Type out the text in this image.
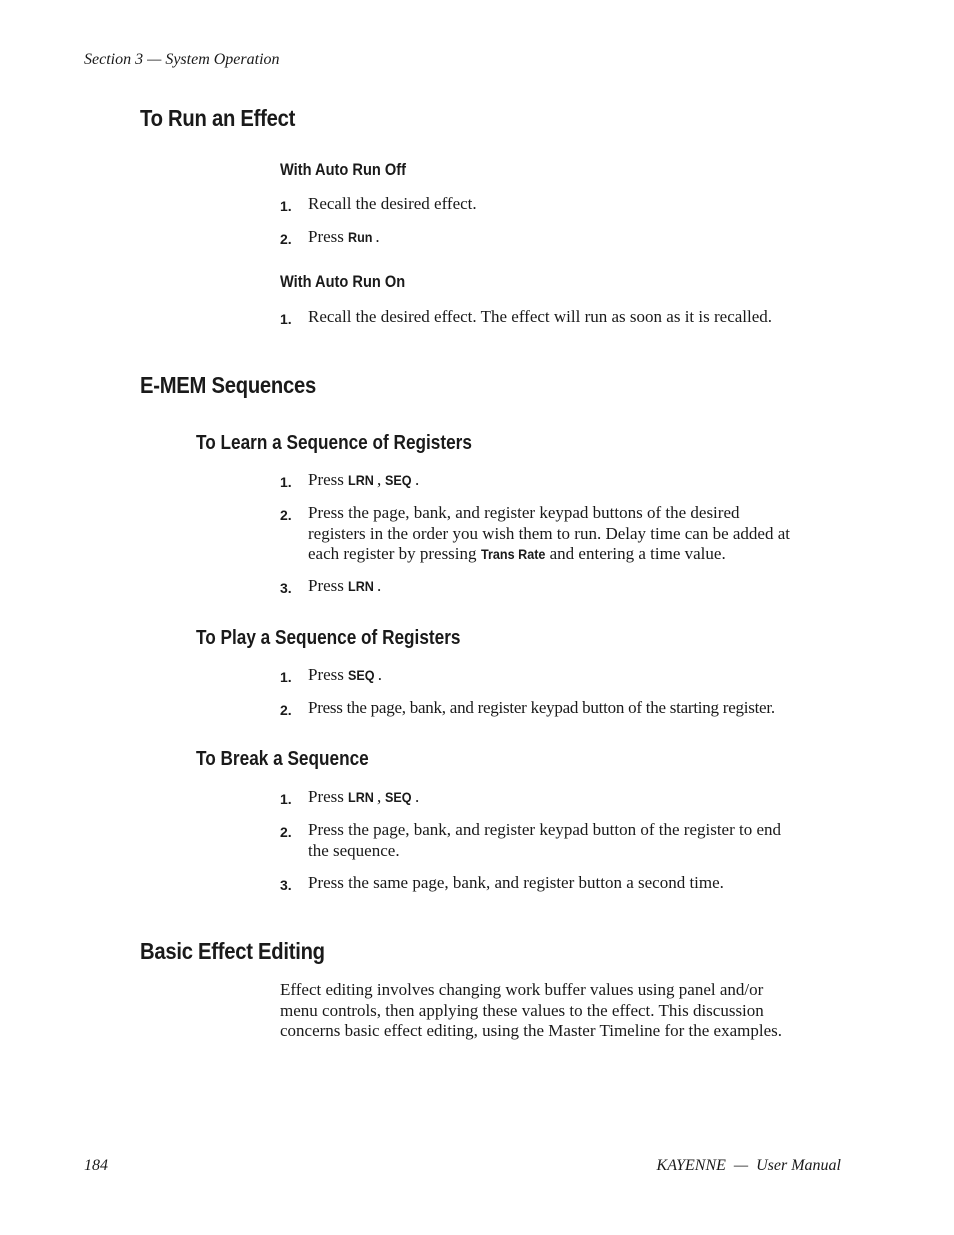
Section 3 — System Operation
To Run an Effect
With Auto Run Off
1. Recall the desired effect.
2. Press Run .
With Auto Run On
1. Recall the desired effect. The effect will run as soon as it is recalled.
E-MEM Sequences
To Learn a Sequence of Registers
1. Press LRN , SEQ .
2. Press the page, bank, and register keypad buttons of the desired
registers in the order you wish them to run. Delay time can be added at
each register by pressing Trans Rate and entering a time value.
3. Press LRN .
To Play a Sequence of Registers
1. Press SEQ .
2. Press the page, bank, and register keypad button of the starting register.
To Break a Sequence
1. Press LRN , SEQ .
2. Press the page, bank, and register keypad button of the register to end
the sequence.
3. Press the same page, bank, and register button a second time.
Basic Effect Editing
Effect editing involves changing work buffer values using panel and/or
menu controls, then applying these values to the effect. This discussion
concerns basic effect editing, using the Master Timeline for the examples.
184	KAYENNE  —  User Manual
